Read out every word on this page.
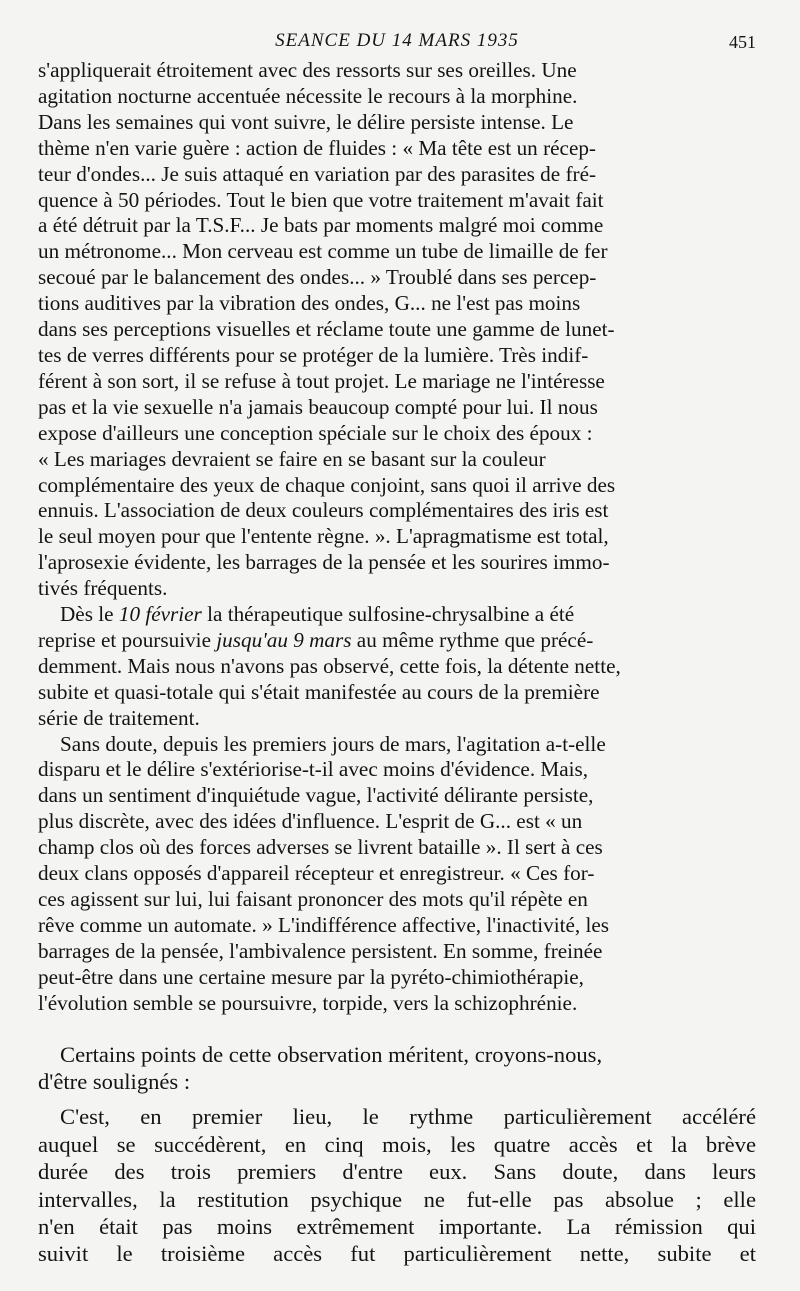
SEANCE DU 14 MARS 1935	451

s'appliquerait étroitement avec des ressorts sur ses oreilles. Une
agitation nocturne accentuée nécessite le recours à la morphine.
Dans les semaines qui vont suivre, le délire persiste intense. Le
thème n'en varie guère : action de fluides : « Ma tête est un récep-
teur d'ondes... Je suis attaqué en variation par des parasites de fré-
quence à 50 périodes. Tout le bien que votre traitement m'avait fait
a été détruit par la T.S.F... Je bats par moments malgré moi comme
un métronome... Mon cerveau est comme un tube de limaille de fer
secoué par le balancement des ondes... » Troublé dans ses percep-
tions auditives par la vibration des ondes, G... ne l'est pas moins
dans ses perceptions visuelles et réclame toute une gamme de lunet-
tes de verres différents pour se protéger de la lumière. Très indif-
férent à son sort, il se refuse à tout projet. Le mariage ne l'intéresse
pas et la vie sexuelle n'a jamais beaucoup compté pour lui. Il nous
expose d'ailleurs une conception spéciale sur le choix des époux :
« Les mariages devraient se faire en se basant sur la couleur
complémentaire des yeux de chaque conjoint, sans quoi il arrive des
ennuis. L'association de deux couleurs complémentaires des iris est
le seul moyen pour que l'entente règne. ». L'apragmatisme est total,
l'aprosexie évidente, les barrages de la pensée et les sourires immo-
tivés fréquents.

Dès le 10 février la thérapeutique sulfosine-chrysalbine a été
reprise et poursuivie jusqu'au 9 mars au même rythme que précé-
demment. Mais nous n'avons pas observé, cette fois, la détente nette,
subite et quasi-totale qui s'était manifestée au cours de la première
série de traitement.

Sans doute, depuis les premiers jours de mars, l'agitation a-t-elle
disparu et le délire s'extériorise-t-il avec moins d'évidence. Mais,
dans un sentiment d'inquiétude vague, l'activité délirante persiste,
plus discrète, avec des idées d'influence. L'esprit de G... est « un
champ clos où des forces adverses se livrent bataille ». Il sert à ces
deux clans opposés d'appareil récepteur et enregistreur. « Ces for-
ces agissent sur lui, lui faisant prononcer des mots qu'il répète en
rêve comme un automate. » L'indifférence affective, l'inactivité, les
barrages de la pensée, l'ambivalence persistent. En somme, freinée
peut-être dans une certaine mesure par la pyréto-chimiothérapie,
l'évolution semble se poursuivre, torpide, vers la schizophrénie.

Certains points de cette observation méritent, croyons-nous,
d'être soulignés :

C'est, en premier lieu, le rythme particulièrement accéléré
auquel se succédèrent, en cinq mois, les quatre accès et la brève
durée des trois premiers d'entre eux. Sans doute, dans leurs
intervalles, la restitution psychique ne fut-elle pas absolue ; elle
n'en était pas moins extrêmement importante. La rémission qui
suivit le troisième accès fut particulièrement nette, subite et
